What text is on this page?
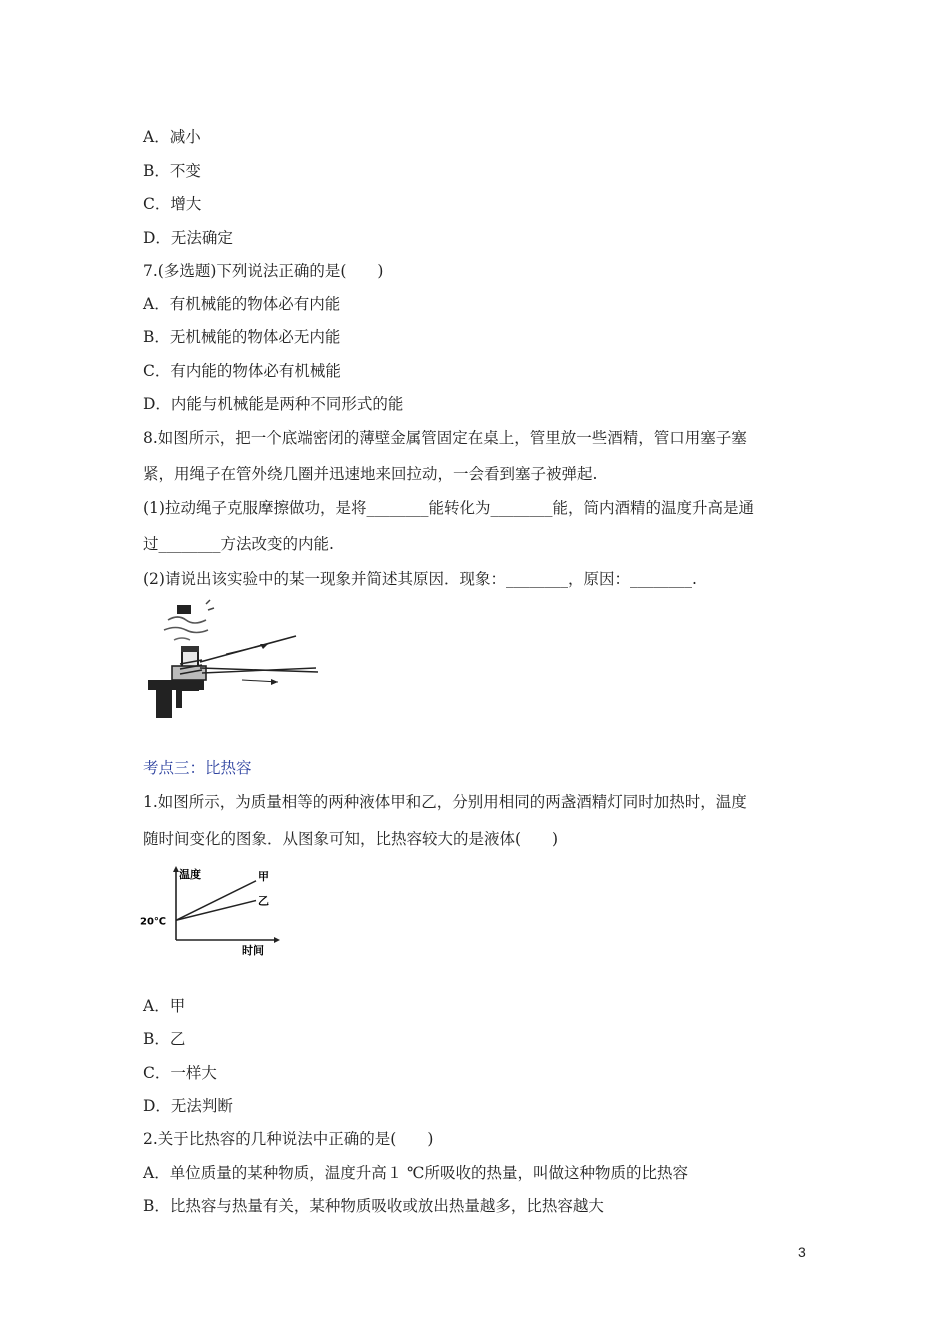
A．减小
B．不变
C．增大
D．无法确定
7.(多选题)下列说法正确的是(　　)
A．有机械能的物体必有内能
B．无机械能的物体必无内能
C．有内能的物体必有机械能
D．内能与机械能是两种不同形式的能
8.如图所示，把一个底端密闭的薄壁金属管固定在桌上，管里放一些酒精，管口用塞子塞
紧，用绳子在管外绕几圈并迅速地来回拉动，一会看到塞子被弹起.
(1)拉动绳子克服摩擦做功，是将________能转化为________能，筒内酒精的温度升高是通
过________方法改变的内能.
(2)请说出该实验中的某一现象并简述其原因．现象：________，原因：________.
考点三：比热容
1.如图所示，为质量相等的两种液体甲和乙，分别用相同的两盏酒精灯同时加热时，温度
随时间变化的图象．从图象可知，比热容较大的是液体(　　)
温度
时间
20℃
甲
乙
A．甲
B．乙
C．一样大
D．无法判断
2.关于比热容的几种说法中正确的是(　　)
A．单位质量的某种物质，温度升高１ ℃所吸收的热量，叫做这种物质的比热容
B．比热容与热量有关，某种物质吸收或放出热量越多，比热容越大
3
